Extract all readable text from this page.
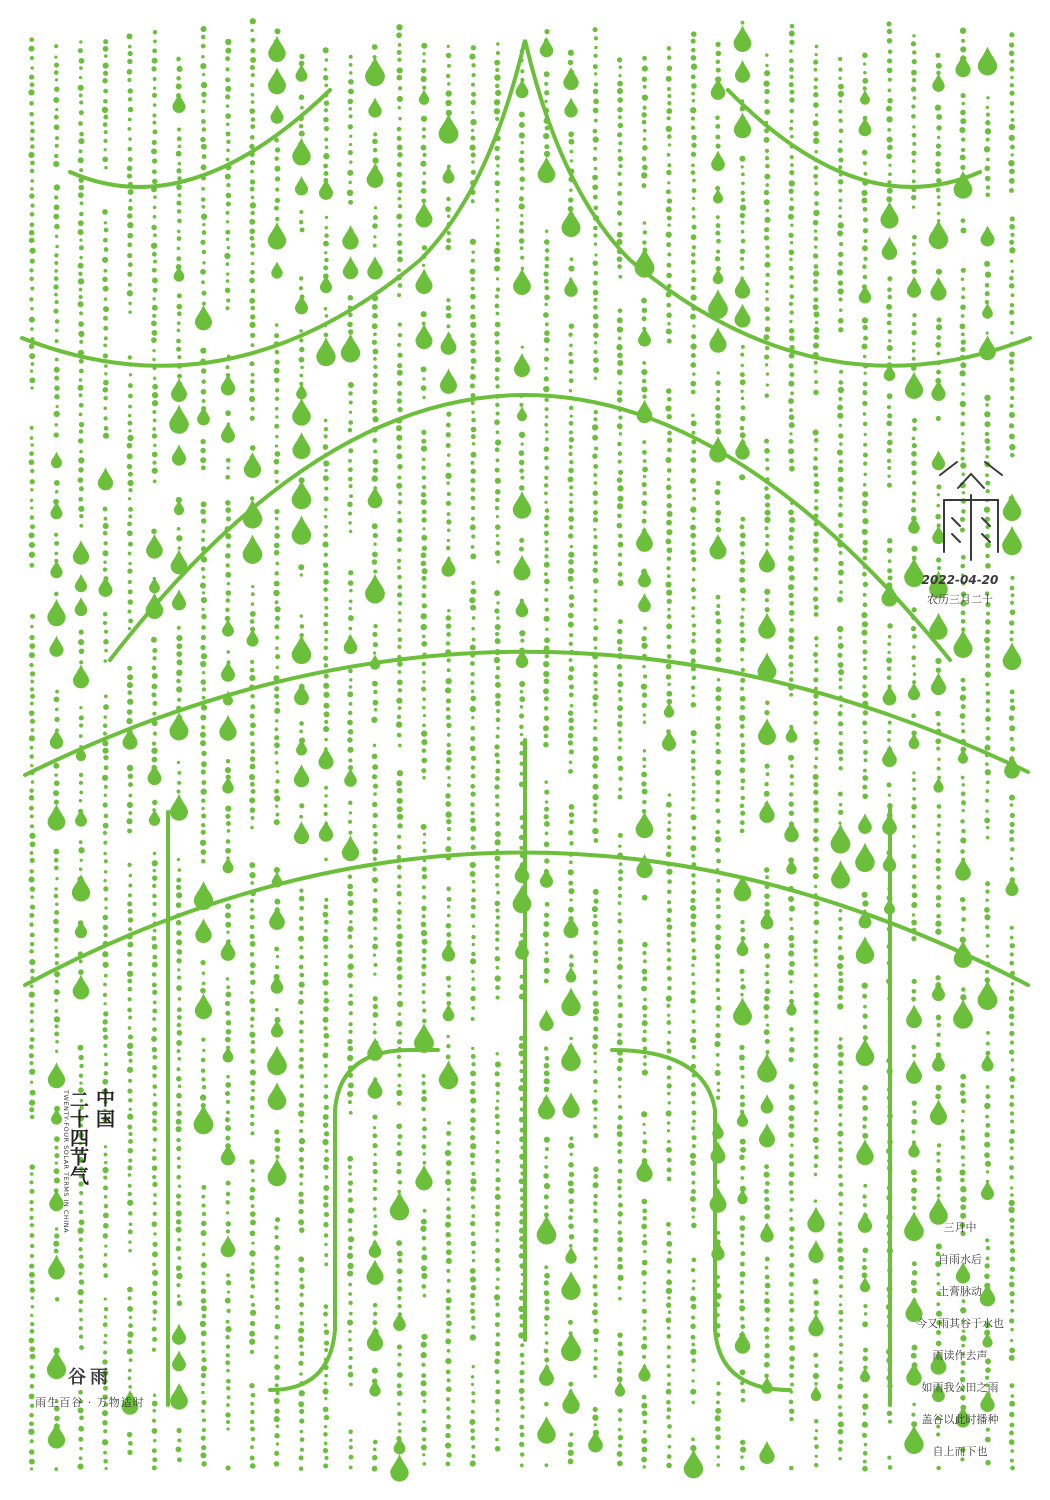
2022-04-20
农历三月二十
TWENTY-FOUR SOLAR TERMS IN CHINA 中国
二十四节气
谷雨
雨生百谷 · 万物适时
三月中
自雨水后
土膏脉动
今又雨其谷于水也
雨读作去声
如雨我公田之雨
盖谷以此时播种
自上而下也
